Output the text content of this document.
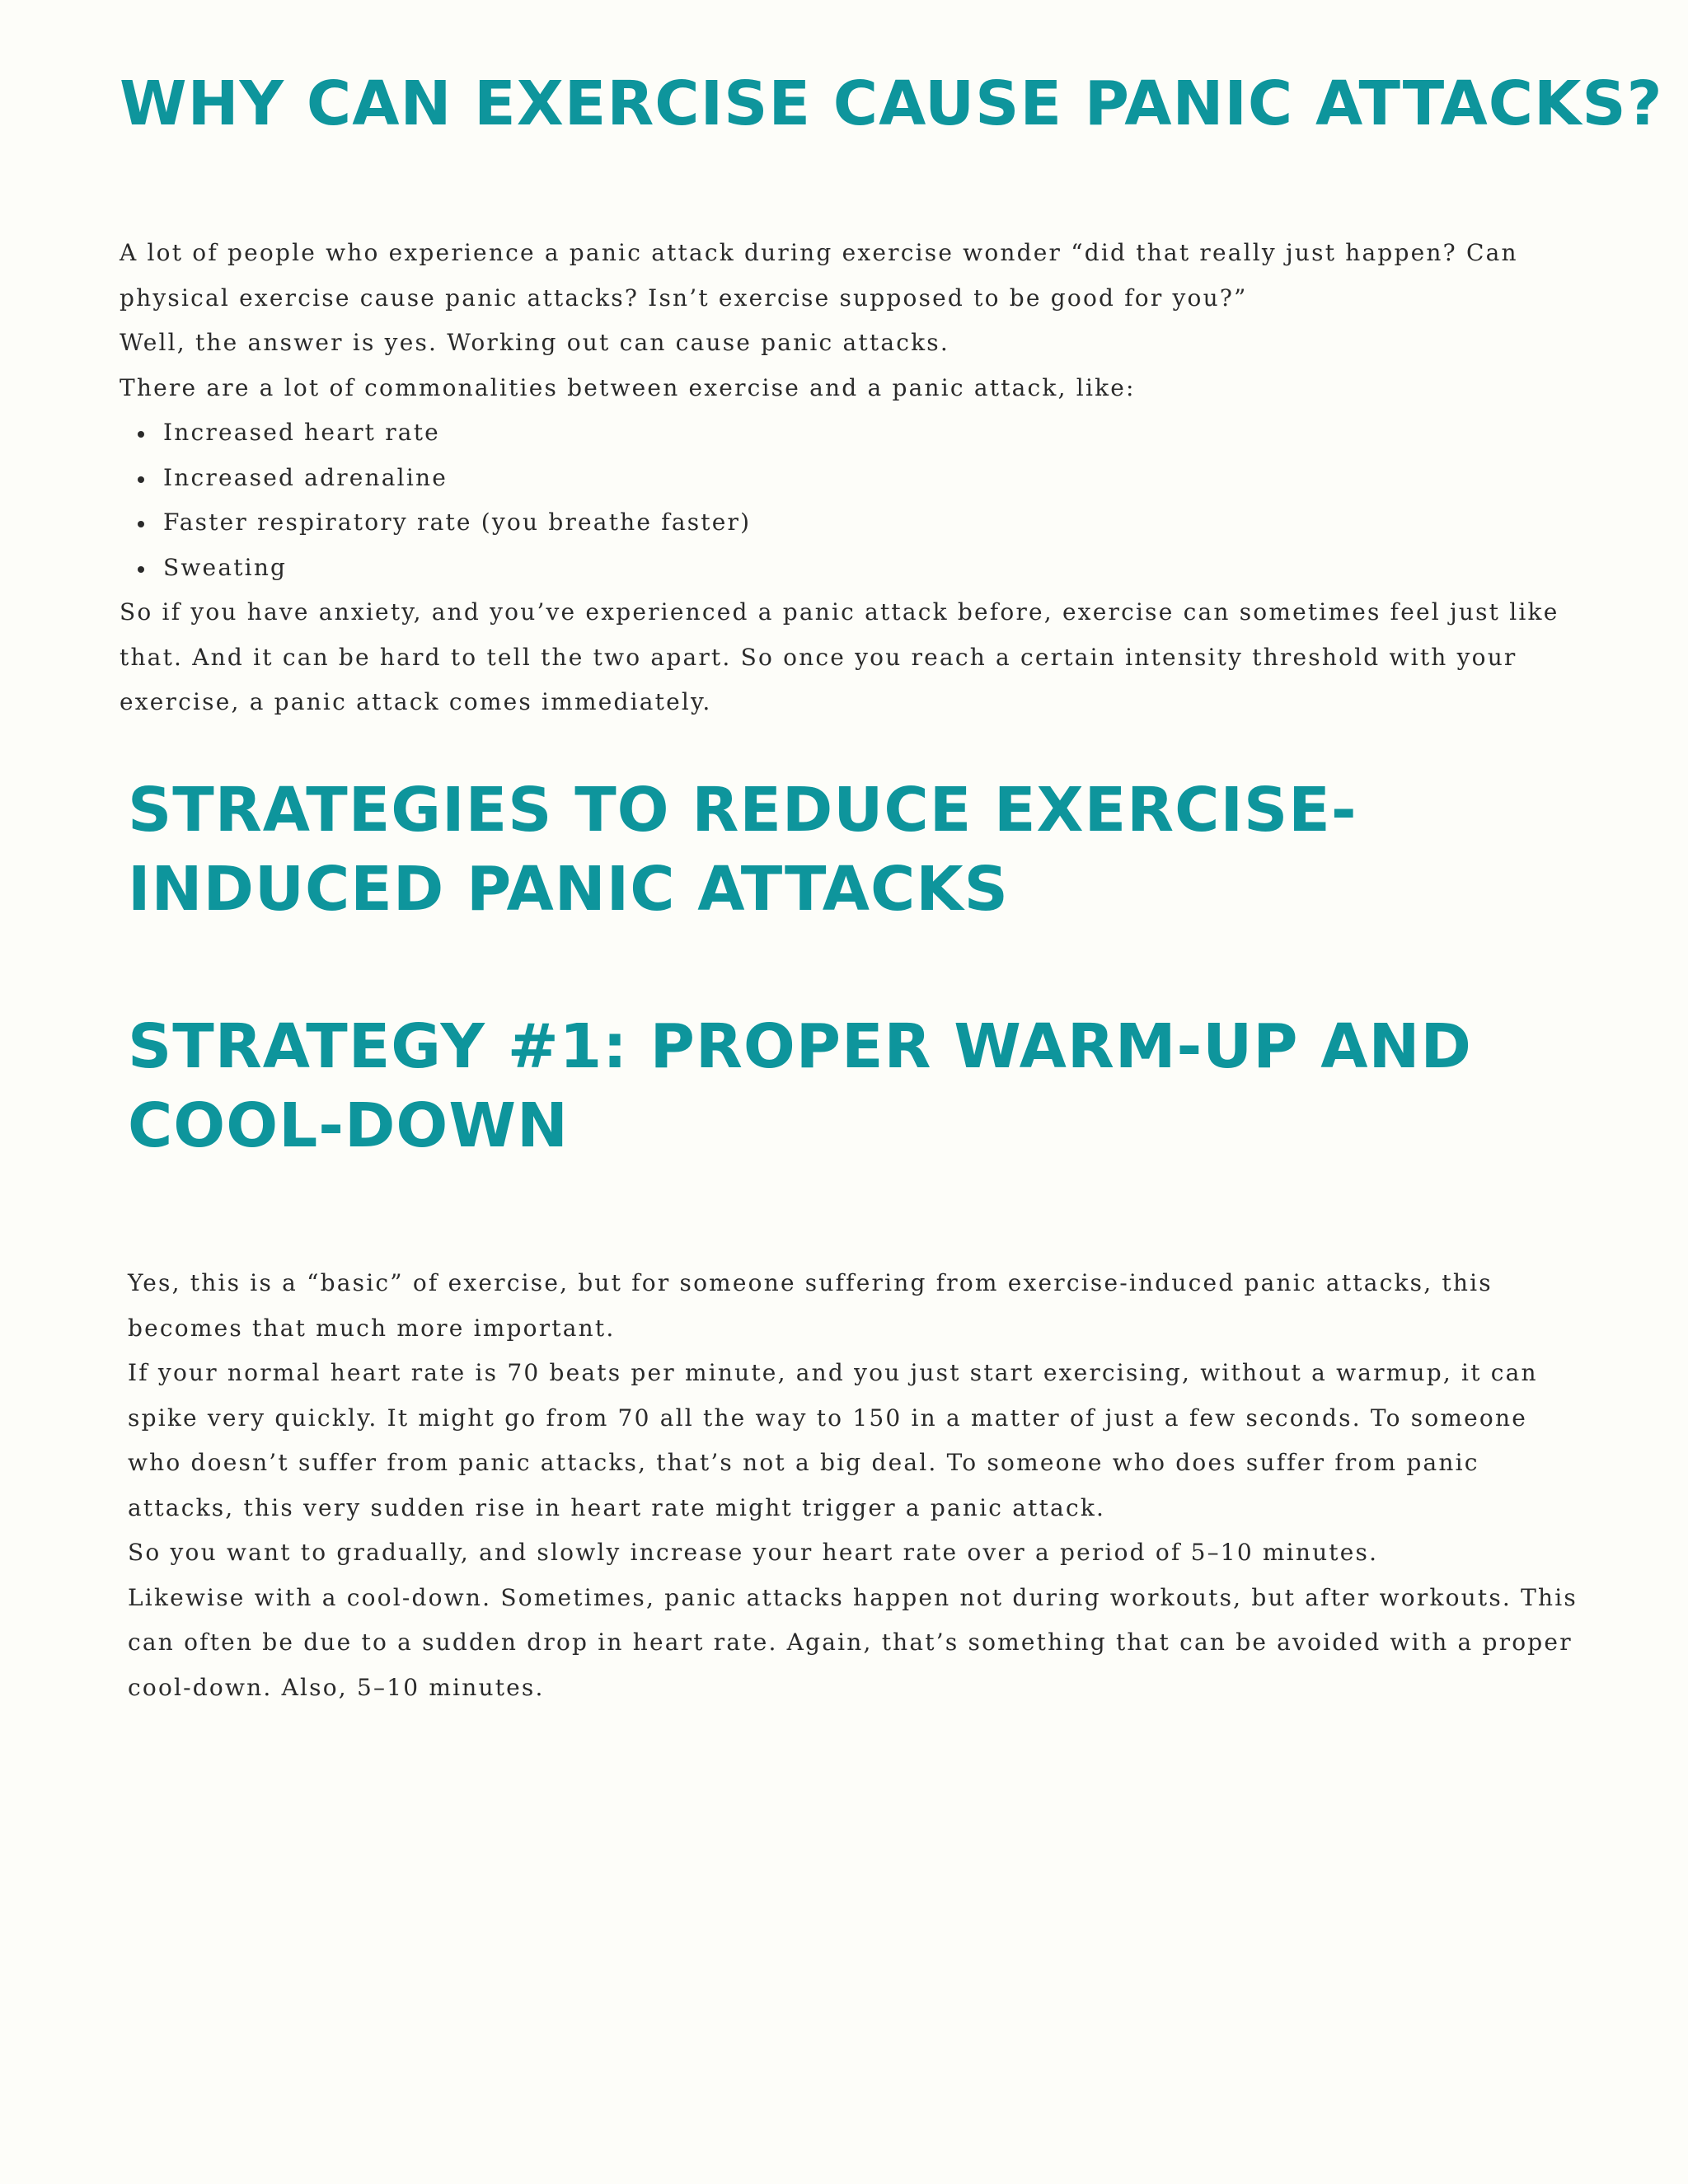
WHY CAN EXERCISE CAUSE PANIC ATTACKS?

A lot of people who experience a panic attack during exercise wonder “did that really just happen? Can physical exercise cause panic attacks? Isn’t exercise supposed to be good for you?”

Well, the answer is yes. Working out can cause panic attacks.

There are a lot of commonalities between exercise and a panic attack, like:

Increased heart rate
Increased adrenaline
Faster respiratory rate (you breathe faster)
Sweating

So if you have anxiety, and you’ve experienced a panic attack before, exercise can sometimes feel just like that. And it can be hard to tell the two apart. So once you reach a certain intensity threshold with your exercise, a panic attack comes immediately.

STRATEGIES TO REDUCE EXERCISE-INDUCED PANIC ATTACKS
STRATEGY #1: PROPER WARM-UP AND COOL-DOWN

Yes, this is a “basic” of exercise, but for someone suffering from exercise-induced panic attacks, this becomes that much more important.

If your normal heart rate is 70 beats per minute, and you just start exercising, without a warmup, it can spike very quickly. It might go from 70 all the way to 150 in a matter of just a few seconds. To someone who doesn’t suffer from panic attacks, that’s not a big deal. To someone who does suffer from panic attacks, this very sudden rise in heart rate might trigger a panic attack.

So you want to gradually, and slowly increase your heart rate over a period of 5–10 minutes.

Likewise with a cool-down. Sometimes, panic attacks happen not during workouts, but after workouts. This can often be due to a sudden drop in heart rate. Again, that’s something that can be avoided with a proper cool-down. Also, 5–10 minutes.
